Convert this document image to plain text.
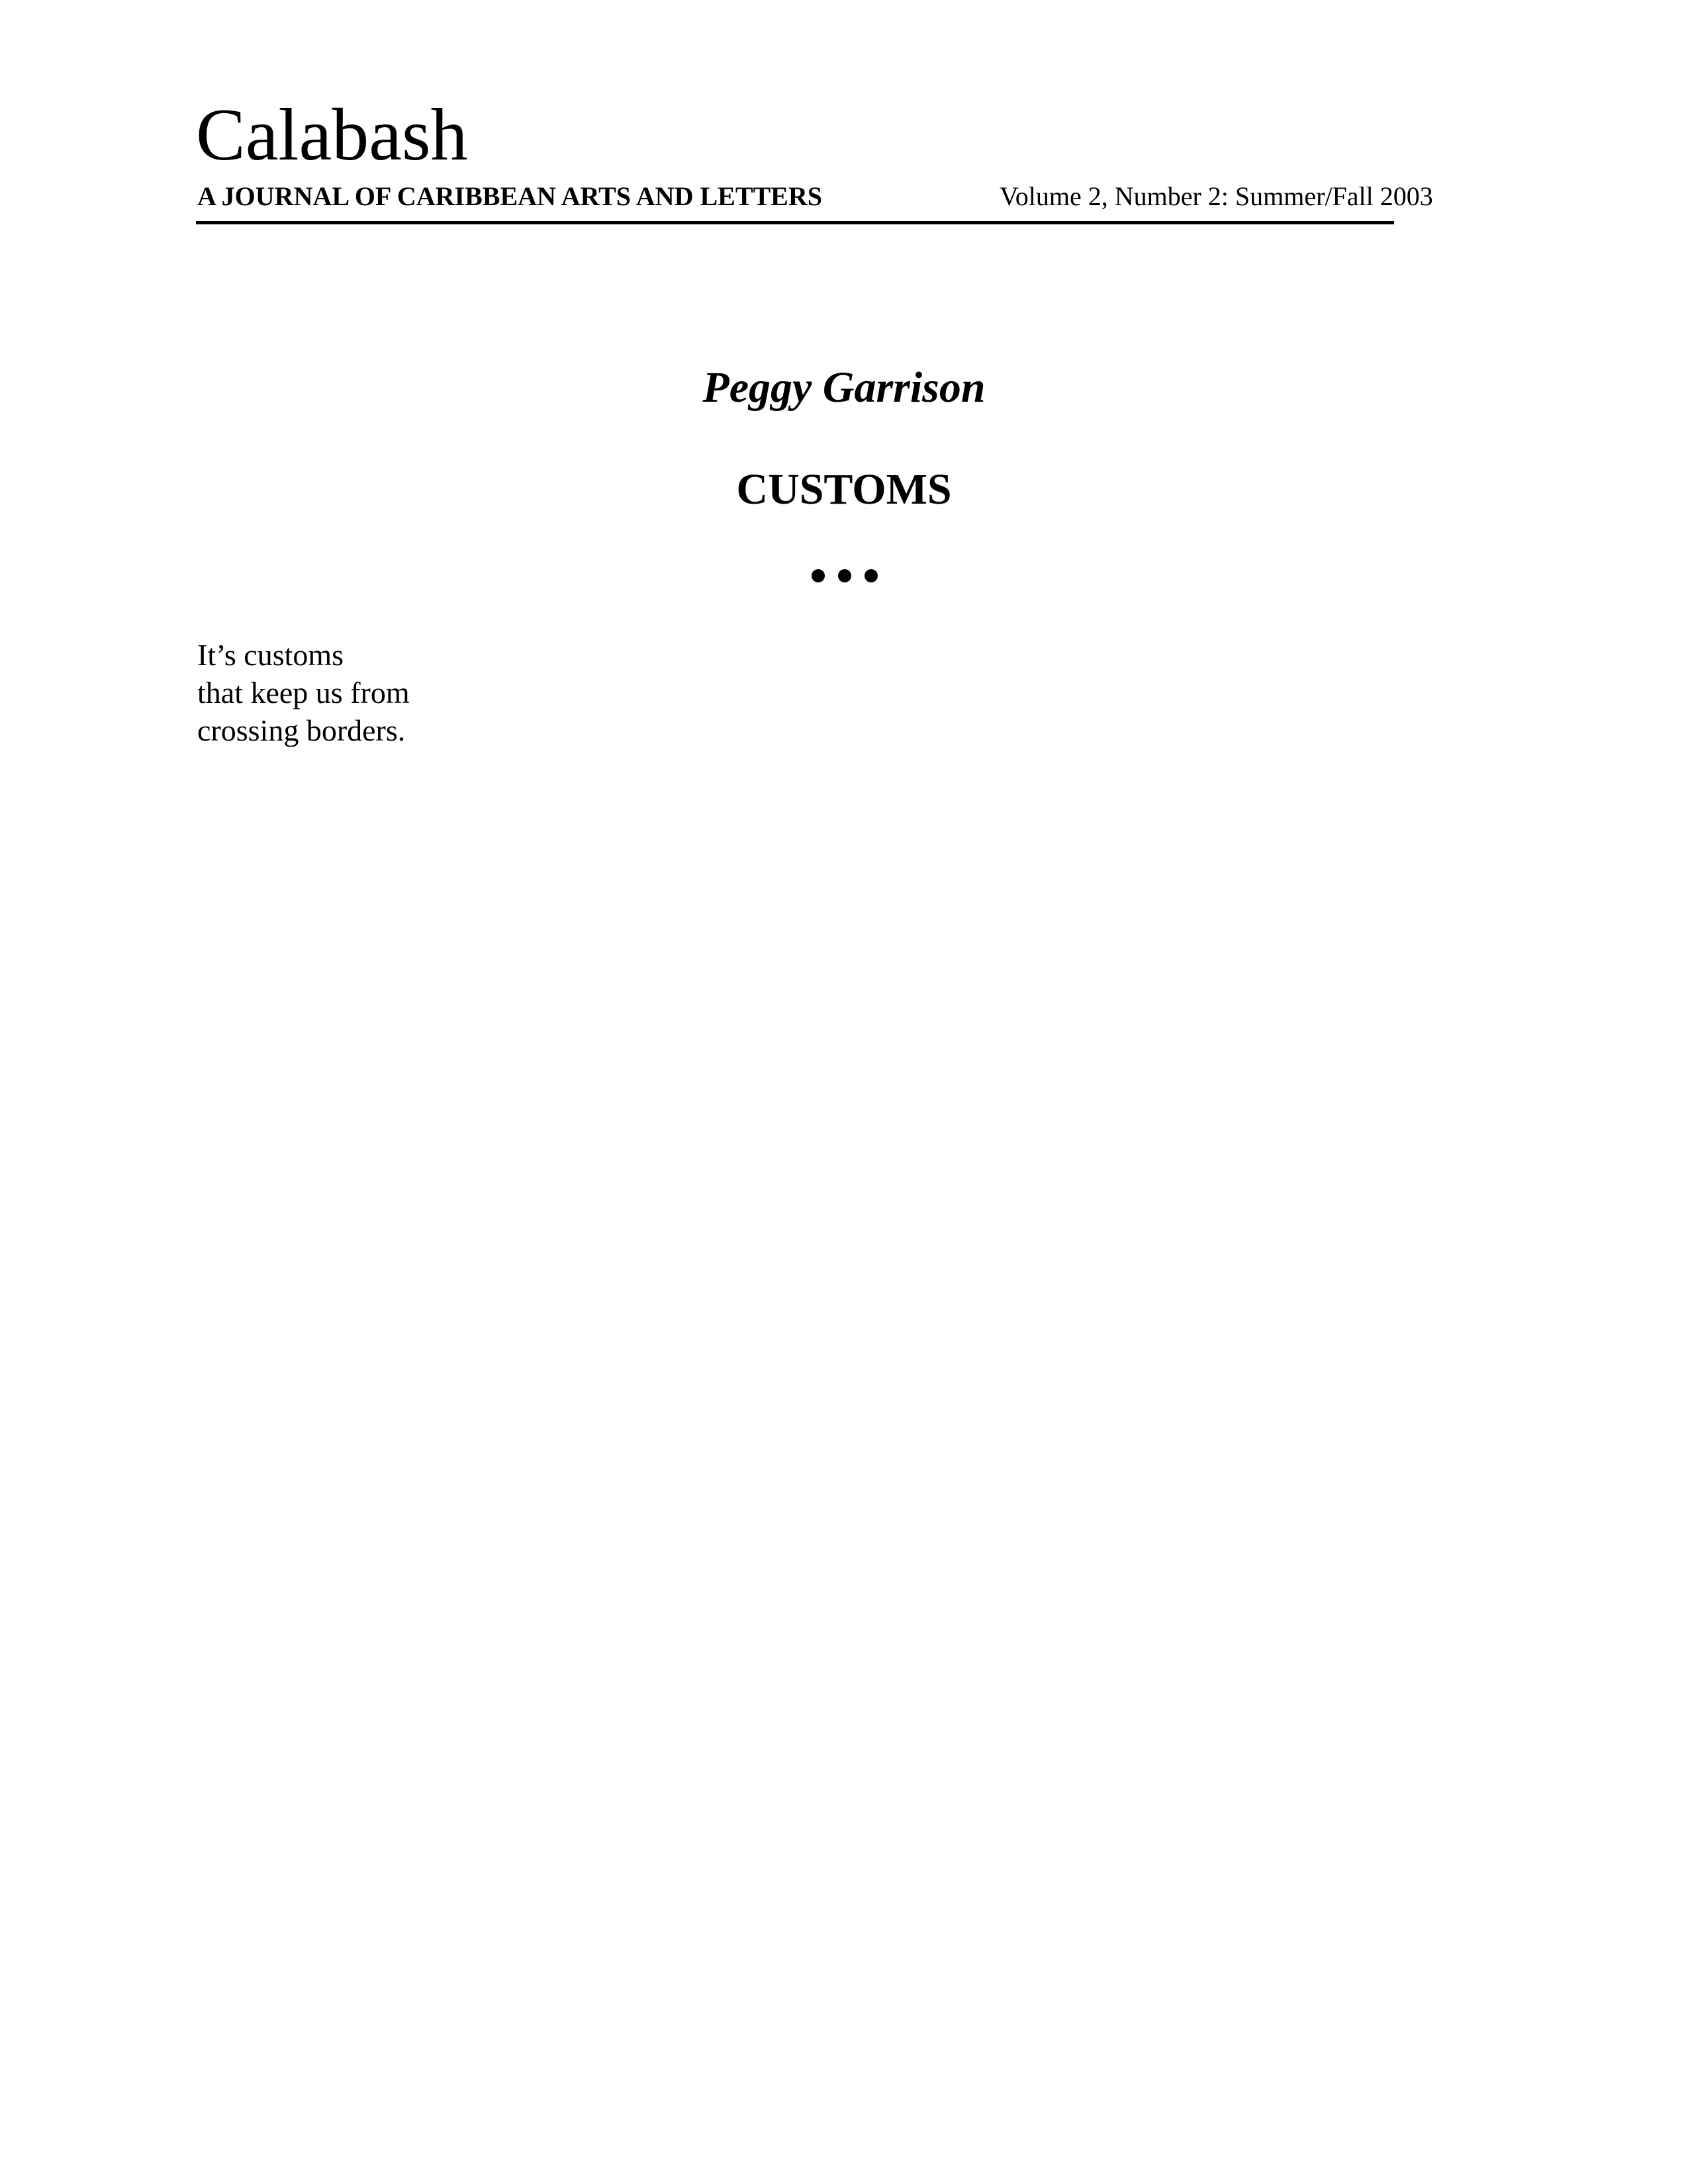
Calabash
A JOURNAL OF CARIBBEAN ARTS AND LETTERS	Volume 2, Number 2: Summer/Fall 2003
Peggy Garrison
CUSTOMS
It’s customs
that keep us from
crossing borders.
